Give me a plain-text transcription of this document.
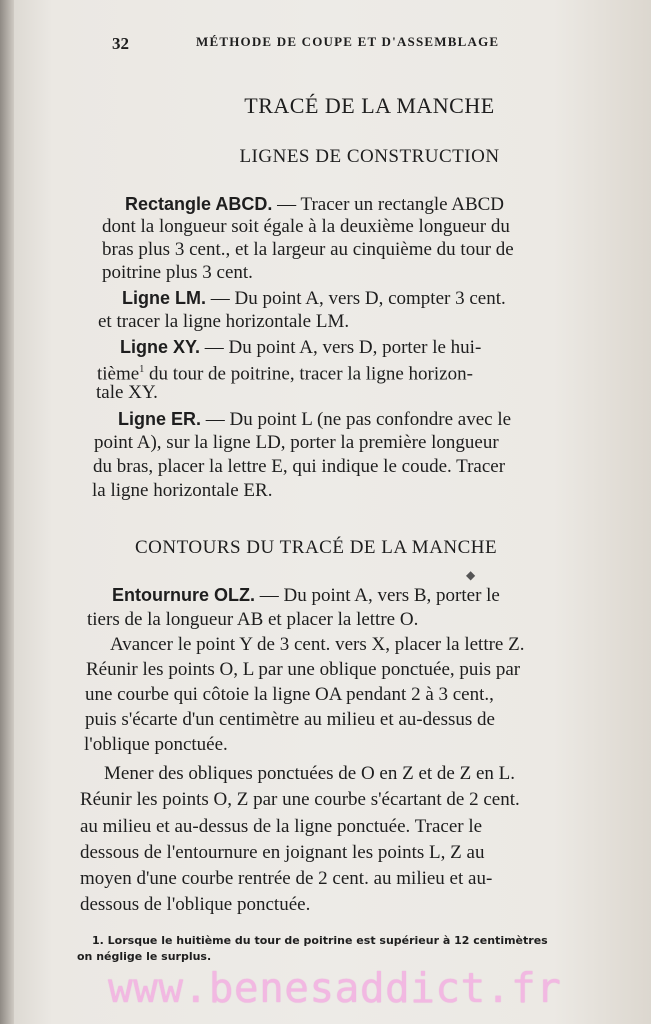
32	MÉTHODE DE COUPE ET D'ASSEMBLAGE
TRACÉ DE LA MANCHE
LIGNES DE CONSTRUCTION
Rectangle ABCD. — Tracer un rectangle ABCD
dont la longueur soit égale à la deuxième longueur du
bras plus 3 cent., et la largeur au cinquième du tour de
poitrine plus 3 cent.
Ligne LM. — Du point A, vers D, compter 3 cent.
et tracer la ligne horizontale LM.
Ligne XY. — Du point A, vers D, porter le hui-
tième$^1$ du tour de poitrine, tracer la ligne horizon-
tale XY.
Ligne ER. — Du point L (ne pas confondre avec le
point A), sur la ligne LD, porter la première longueur
du bras, placer la lettre E, qui indique le coude. Tracer
la ligne horizontale ER.
CONTOURS DU TRACÉ DE LA MANCHE
◆
Entournure OLZ. — Du point A, vers B, porter le
tiers de la longueur AB et placer la lettre O.
Avancer le point Y de 3 cent. vers X, placer la lettre Z.
Réunir les points O, L par une oblique ponctuée, puis par
une courbe qui côtoie la ligne OA pendant 2 à 3 cent.,
puis s'écarte d'un centimètre au milieu et au-dessus de
l'oblique ponctuée.
Mener des obliques ponctuées de O en Z et de Z en L.
Réunir les points O, Z par une courbe s'écartant de 2 cent.
au milieu et au-dessus de la ligne ponctuée. Tracer le
dessous de l'entournure en joignant les points L, Z au
moyen d'une courbe rentrée de 2 cent. au milieu et au-
dessous de l'oblique ponctuée.
1. Lorsque le huitième du tour de poitrine est supérieur à 12 centimètres
on néglige le surplus.
www.benesaddict.fr
